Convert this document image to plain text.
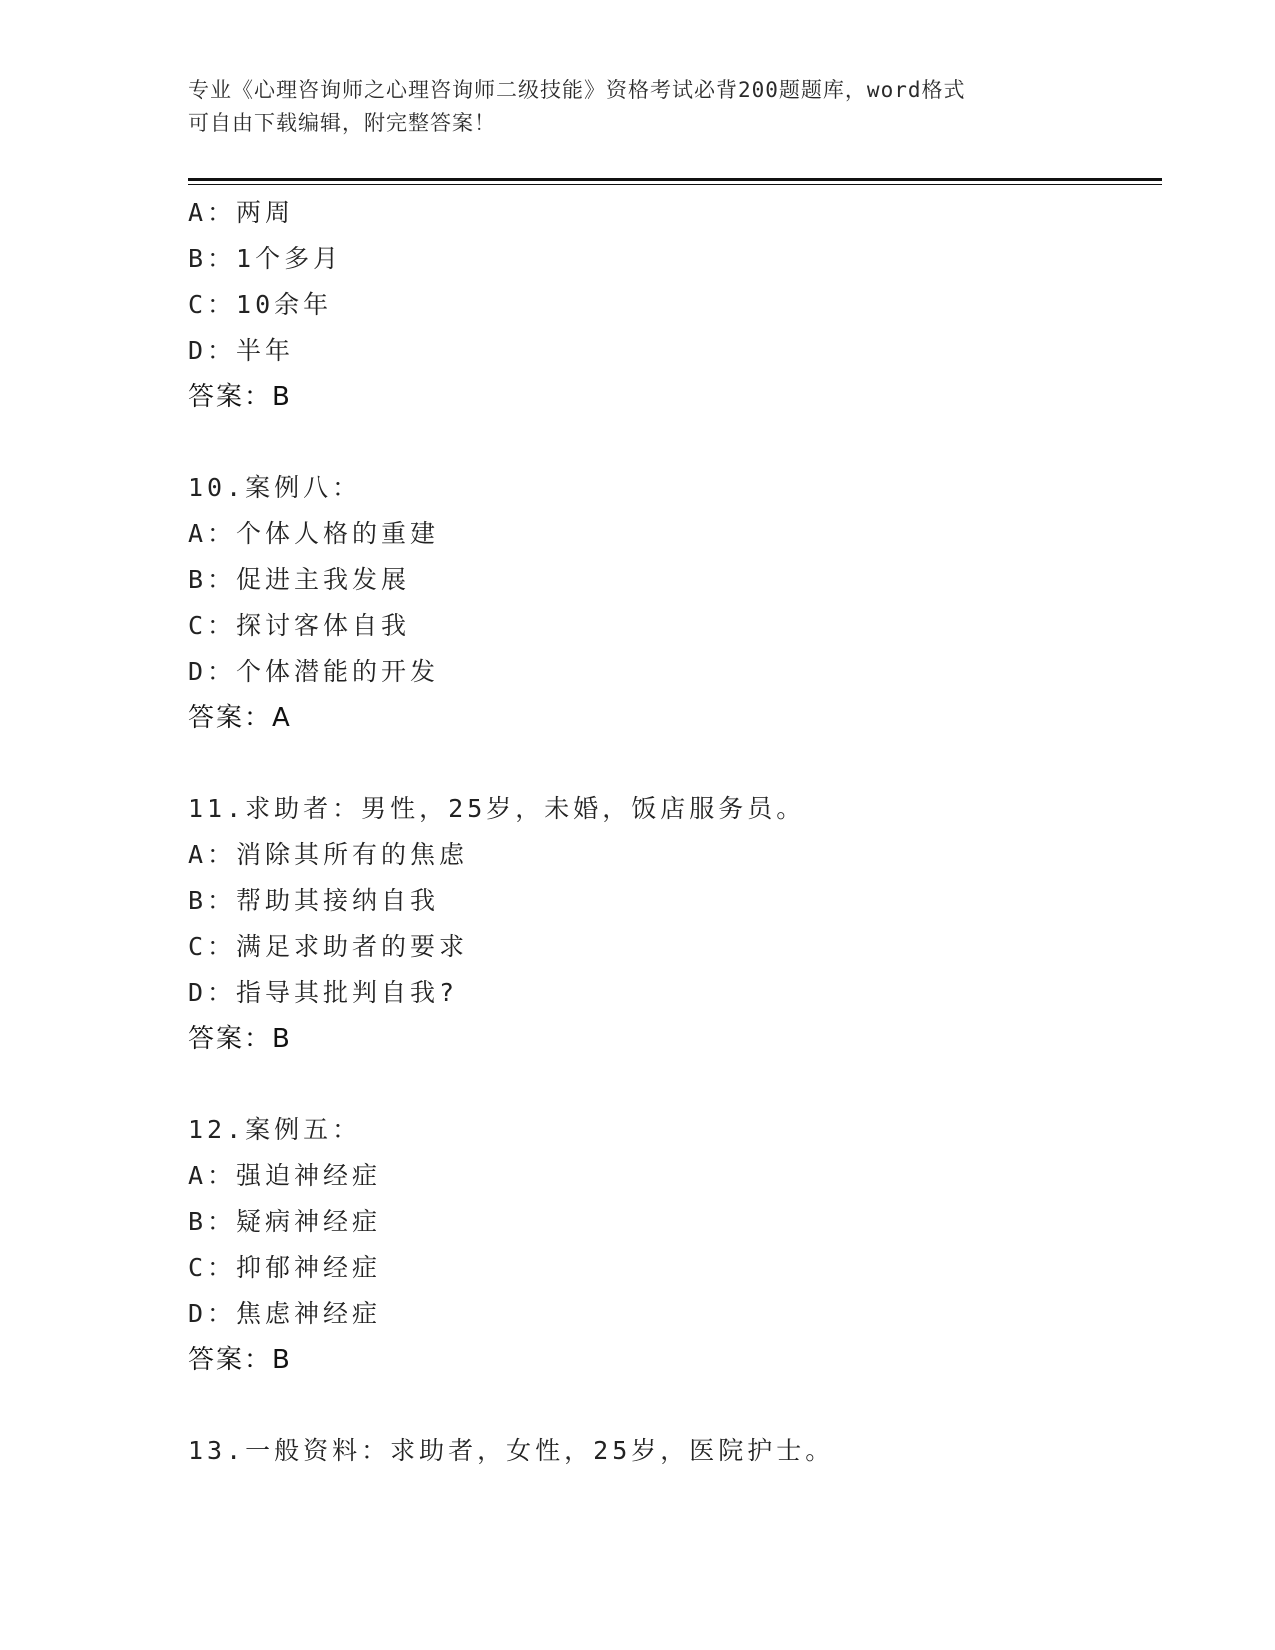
专业《心理咨询师之心理咨询师二级技能》资格考试必背200题题库，word格式
可自由下载编辑，附完整答案！
A：两周
B：1个多月
C：10余年
D：半年
答案：B
10.案例八：
A：个体人格的重建
B：促进主我发展
C：探讨客体自我
D：个体潜能的开发
答案：A
11.求助者：男性，25岁，未婚，饭店服务员。
A：消除其所有的焦虑
B：帮助其接纳自我
C：满足求助者的要求
D：指导其批判自我?
答案：B
12.案例五：
A：强迫神经症
B：疑病神经症
C：抑郁神经症
D：焦虑神经症
答案：B
13.一般资料：求助者，女性，25岁，医院护士。
